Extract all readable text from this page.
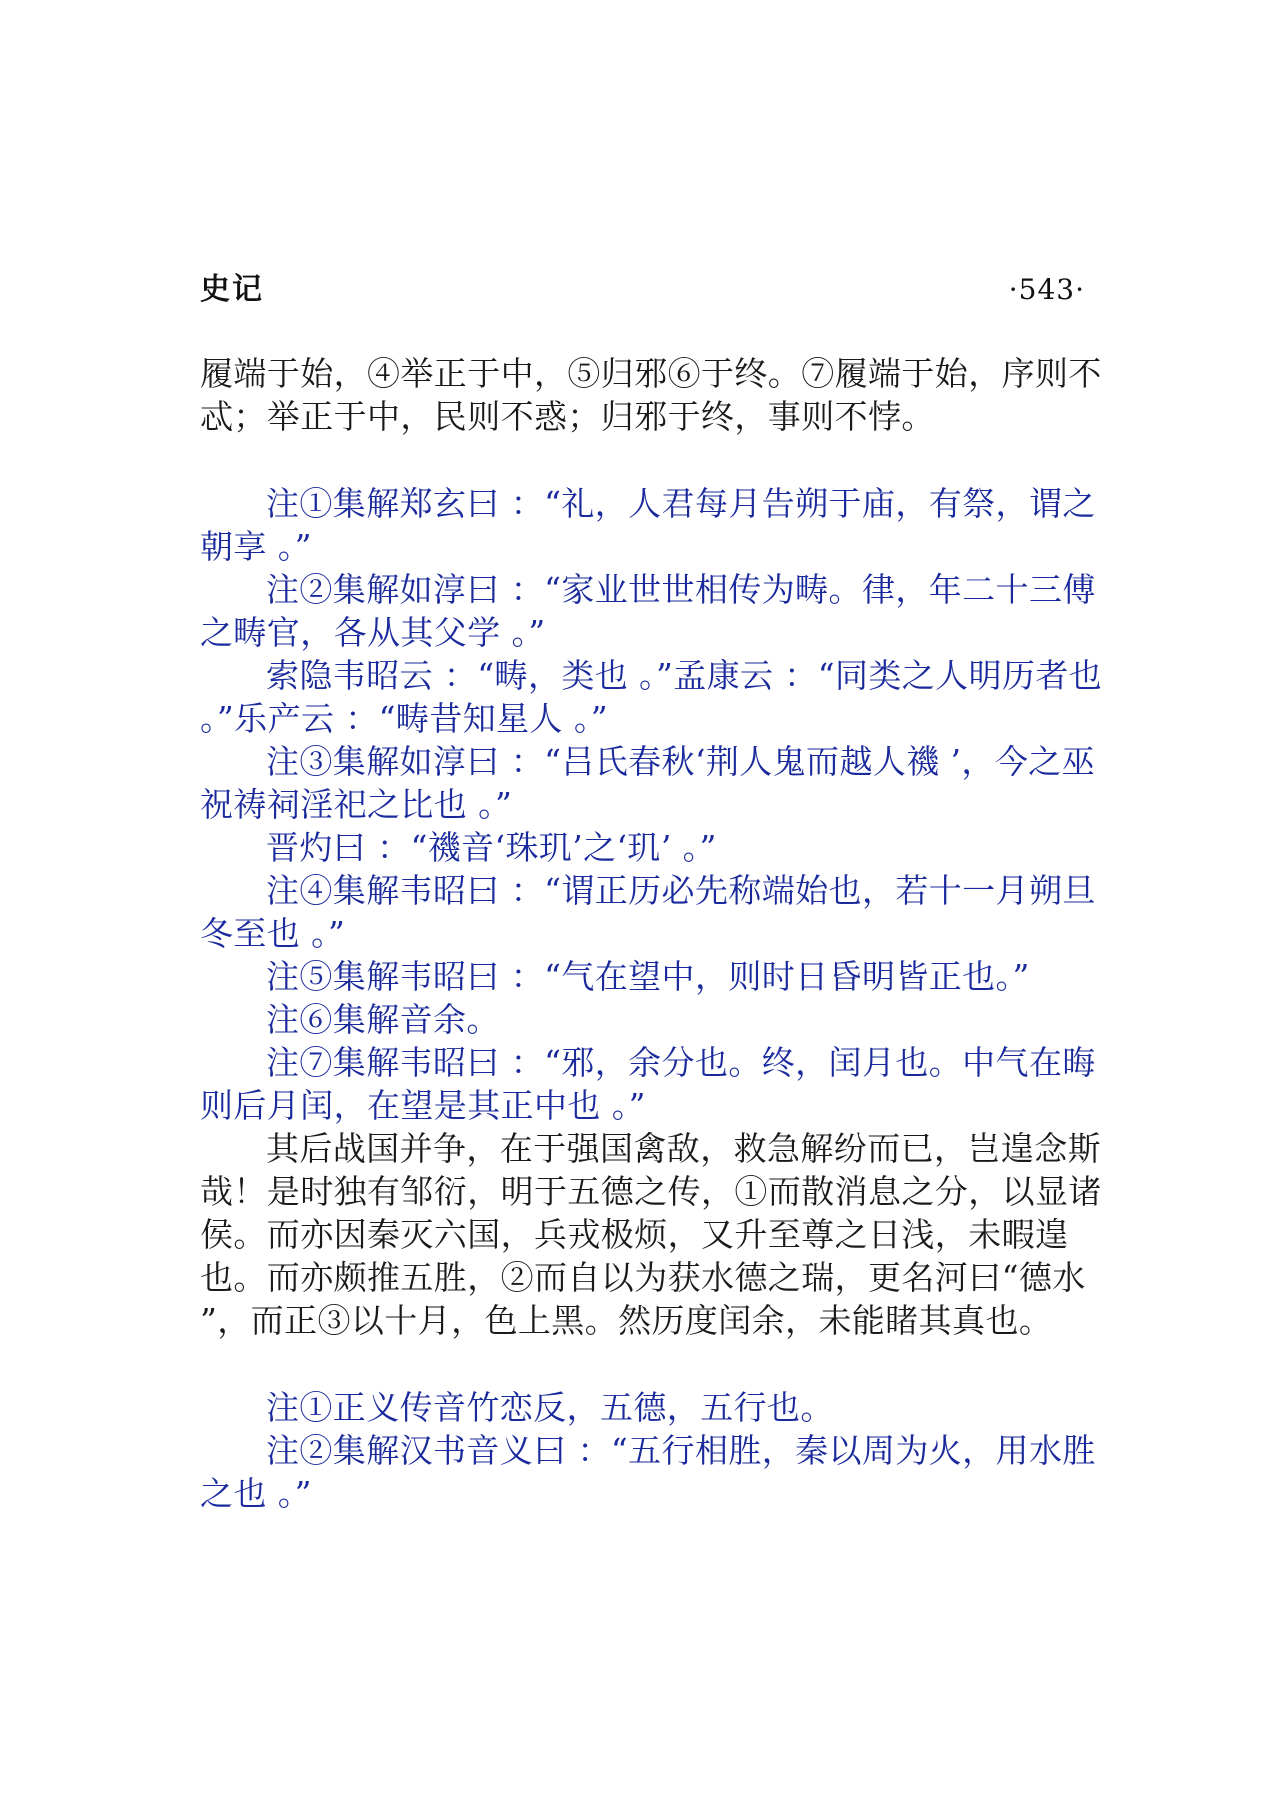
史记	·543·

履端于始，④举正于中，⑤归邪⑥于终。⑦履端于始，序则不忒；举正于中，民则不惑；归邪于终，事则不悖。

注①集解郑玄曰 ：“礼，人君每月告朔于庙，有祭，谓之朝享 。”

注②集解如淳曰 ：“家业世世相传为畴。律，年二十三傅之畴官，各从其父学 。”

索隐韦昭云 ：“畴，类也 。”孟康云 ：“同类之人明历者也 。”乐产云 ：“畴昔知星人 。”

注③集解如淳曰 ：“吕氏春秋‘荆人鬼而越人禨 ’，今之巫祝祷祠淫祀之比也 。”

晋灼曰 ：“禨音‘珠玑’之‘玑’ 。”

注④集解韦昭曰 ：“谓正历必先称端始也，若十一月朔旦冬至也 。”

注⑤集解韦昭曰 ：“气在望中，则时日昏明皆正也。”

注⑥集解音余。

注⑦集解韦昭曰 ：“邪，余分也。终，闰月也。中气在晦则后月闰，在望是其正中也 。”

其后战国并争，在于强国禽敌，救急解纷而已，岂遑念斯哉！是时独有邹衍，明于五德之传，①而散消息之分，以显诸侯。而亦因秦灭六国，兵戎极烦，又升至尊之日浅，未暇遑也。而亦颇推五胜，②而自以为获水德之瑞，更名河曰“德水 ”，而正③以十月，色上黑。然历度闰余，未能睹其真也。

注①正义传音竹恋反，五德，五行也。

注②集解汉书音义曰 ：“五行相胜，秦以周为火，用水胜之也 。”
